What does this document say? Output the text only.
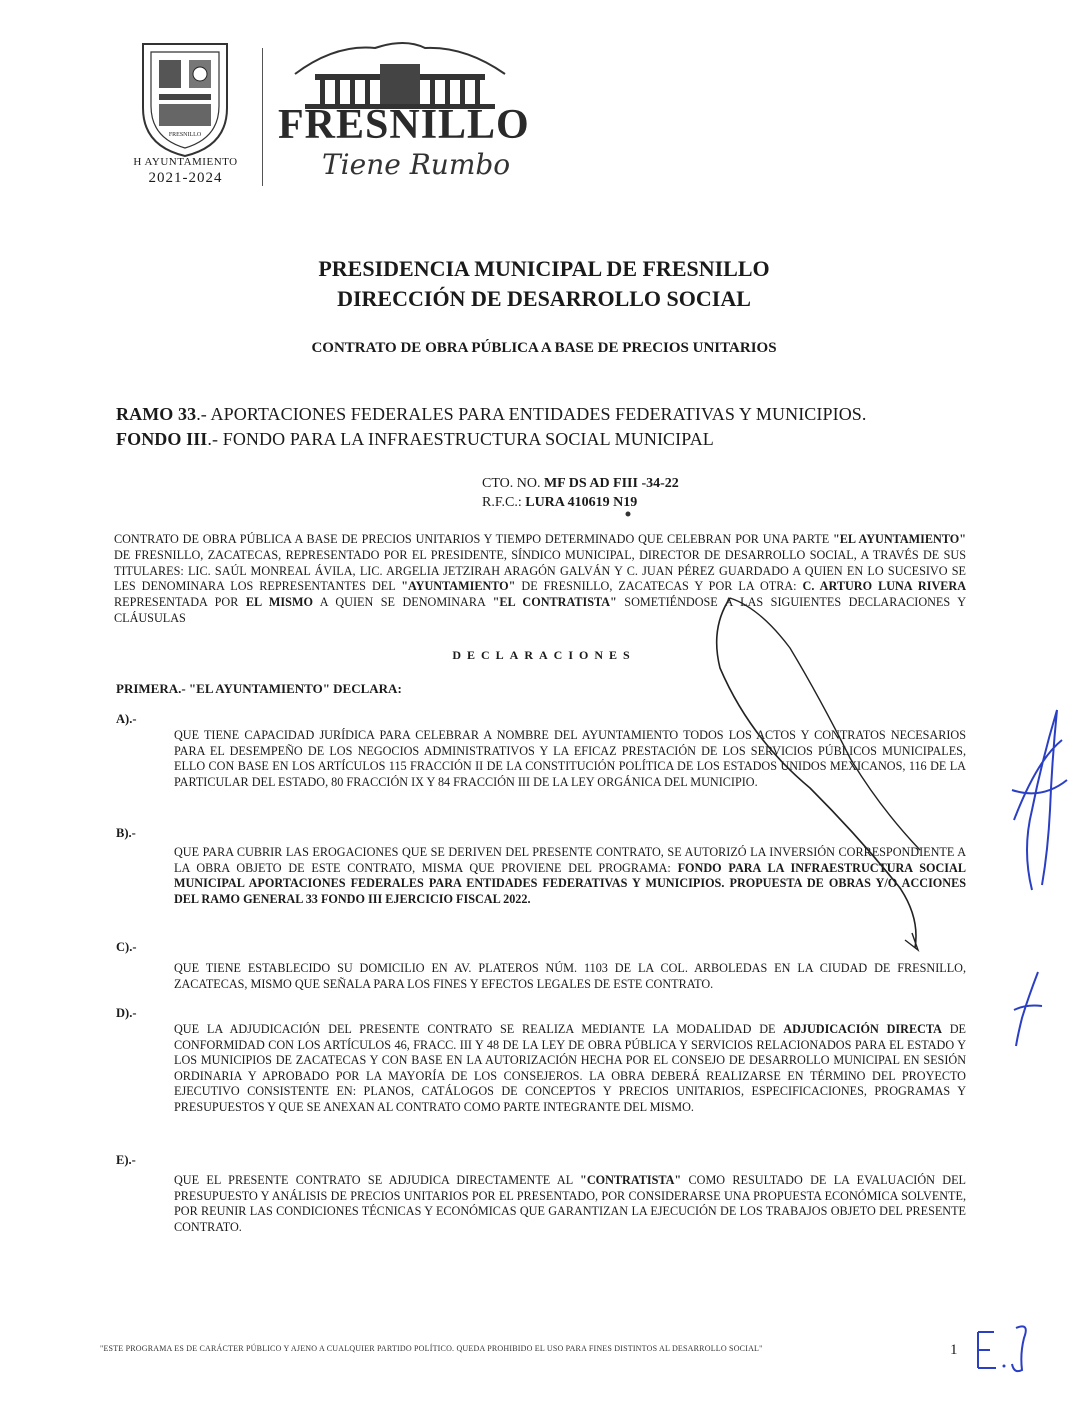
FRESNILLO
H AYUNTAMIENTO
2021-2024
FRESNILLO
Tiene Rumbo
PRESIDENCIA MUNICIPAL DE FRESNILLO
DIRECCIÓN DE DESARROLLO SOCIAL
CONTRATO DE OBRA PÚBLICA A BASE DE PRECIOS UNITARIOS
RAMO 33.- APORTACIONES FEDERALES PARA ENTIDADES FEDERATIVAS Y MUNICIPIOS.
FONDO III.- FONDO PARA LA INFRAESTRUCTURA SOCIAL MUNICIPAL
CTO. NO. MF DS AD FIII -34-22
R.F.C.: LURA 410619 N19
CONTRATO DE OBRA PÚBLICA A BASE DE PRECIOS UNITARIOS Y TIEMPO DETERMINADO QUE CELEBRAN POR UNA PARTE "EL AYUNTAMIENTO" DE FRESNILLO, ZACATECAS, REPRESENTADO POR EL PRESIDENTE, SÍNDICO MUNICIPAL, DIRECTOR DE DESARROLLO SOCIAL, A TRAVÉS DE SUS TITULARES: LIC. SAÚL MONREAL ÁVILA, LIC. ARGELIA JETZIRAH ARAGÓN GALVÁN Y C. JUAN PÉREZ GUARDADO A QUIEN EN LO SUCESIVO SE LES DENOMINARA LOS REPRESENTANTES DEL "AYUNTAMIENTO" DE FRESNILLO, ZACATECAS Y POR LA OTRA: C. ARTURO LUNA RIVERA REPRESENTADA POR EL MISMO A QUIEN SE DENOMINARA "EL CONTRATISTA" SOMETIÉNDOSE A LAS SIGUIENTES DECLARACIONES Y CLÁUSULAS
DECLARACIONES
PRIMERA.- "EL AYUNTAMIENTO" DECLARA:
A).-
QUE TIENE CAPACIDAD JURÍDICA PARA CELEBRAR A NOMBRE DEL AYUNTAMIENTO TODOS LOS ACTOS Y CONTRATOS NECESARIOS PARA EL DESEMPEÑO DE LOS NEGOCIOS ADMINISTRATIVOS Y LA EFICAZ PRESTACIÓN DE LOS SERVICIOS PÚBLICOS MUNICIPALES, ELLO CON BASE EN LOS ARTÍCULOS 115 FRACCIÓN II DE LA CONSTITUCIÓN POLÍTICA DE LOS ESTADOS UNIDOS MEXICANOS, 116 DE LA PARTICULAR DEL ESTADO, 80 FRACCIÓN IX Y 84 FRACCIÓN III DE LA LEY ORGÁNICA DEL MUNICIPIO.
B).-
QUE PARA CUBRIR LAS EROGACIONES QUE SE DERIVEN DEL PRESENTE CONTRATO, SE AUTORIZÓ LA INVERSIÓN CORRESPONDIENTE A LA OBRA OBJETO DE ESTE CONTRATO, MISMA QUE PROVIENE DEL PROGRAMA: FONDO PARA LA INFRAESTRUCTURA SOCIAL MUNICIPAL APORTACIONES FEDERALES PARA ENTIDADES FEDERATIVAS Y MUNICIPIOS. PROPUESTA DE OBRAS Y/O ACCIONES DEL RAMO GENERAL 33 FONDO III EJERCICIO FISCAL 2022.
C).-
QUE TIENE ESTABLECIDO SU DOMICILIO EN AV. PLATEROS NÚM. 1103 DE LA COL. ARBOLEDAS EN LA CIUDAD DE FRESNILLO, ZACATECAS, MISMO QUE SEÑALA PARA LOS FINES Y EFECTOS LEGALES DE ESTE CONTRATO.
D).-
QUE LA ADJUDICACIÓN DEL PRESENTE CONTRATO SE REALIZA MEDIANTE LA MODALIDAD DE ADJUDICACIÓN DIRECTA DE CONFORMIDAD CON LOS ARTÍCULOS 46, FRACC. III Y 48 DE LA LEY DE OBRA PÚBLICA Y SERVICIOS RELACIONADOS PARA EL ESTADO Y LOS MUNICIPIOS DE ZACATECAS Y CON BASE EN LA AUTORIZACIÓN HECHA POR EL CONSEJO DE DESARROLLO MUNICIPAL EN SESIÓN ORDINARIA Y APROBADO POR LA MAYORÍA DE LOS CONSEJEROS. LA OBRA DEBERÁ REALIZARSE EN TÉRMINO DEL PROYECTO EJECUTIVO CONSISTENTE EN: PLANOS, CATÁLOGOS DE CONCEPTOS Y PRECIOS UNITARIOS, ESPECIFICACIONES, PROGRAMAS Y PRESUPUESTOS Y QUE SE ANEXAN AL CONTRATO COMO PARTE INTEGRANTE DEL MISMO.
E).-
QUE EL PRESENTE CONTRATO SE ADJUDICA DIRECTAMENTE AL "CONTRATISTA" COMO RESULTADO DE LA EVALUACIÓN DEL PRESUPUESTO Y ANÁLISIS DE PRECIOS UNITARIOS POR EL PRESENTADO, POR CONSIDERARSE UNA PROPUESTA ECONÓMICA SOLVENTE, POR REUNIR LAS CONDICIONES TÉCNICAS Y ECONÓMICAS QUE GARANTIZAN LA EJECUCIÓN DE LOS TRABAJOS OBJETO DEL PRESENTE CONTRATO.
"ESTE PROGRAMA ES DE CARÁCTER PÚBLICO Y AJENO A CUALQUIER PARTIDO POLÍTICO. QUEDA PROHIBIDO EL USO PARA FINES DISTINTOS AL DESARROLLO SOCIAL"	1
